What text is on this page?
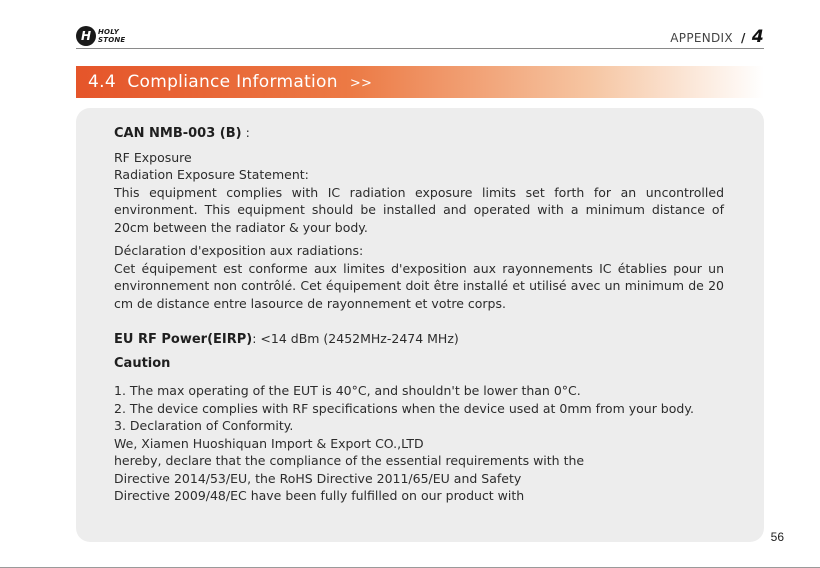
H HOLY
STONE	APPENDIX / 4
4.4 Compliance Information >>

CAN NMB-003 (B) :

RF Exposure

Radiation Exposure Statement:

This equipment complies with IC radiation exposure limits set forth for an uncontrolled environment. This equipment should be installed and operated with a minimum distance of 20cm between the radiator & your body.

Déclaration d'exposition aux radiations:

Cet équipement est conforme aux limites d'exposition aux rayonnements IC établies pour un environnement non contrôlé. Cet équipement doit être installé et utilisé avec un minimum de 20 cm de distance entre lasource de rayonnement et votre corps.

EU RF Power(EIRP): <14 dBm (2452MHz-2474 MHz)

Caution

1. The max operating of the EUT is 40°C, and shouldn't be lower than 0°C.

2. The device complies with RF specifications when the device used at 0mm from your body.

3. Declaration of Conformity.

We, Xiamen Huoshiquan Import & Export CO.,LTD

hereby, declare that the compliance of the essential requirements with the

Directive 2014/53/EU, the RoHS Directive 2011/65/EU and Safety

Directive 2009/48/EC have been fully fulfilled on our product with

56
